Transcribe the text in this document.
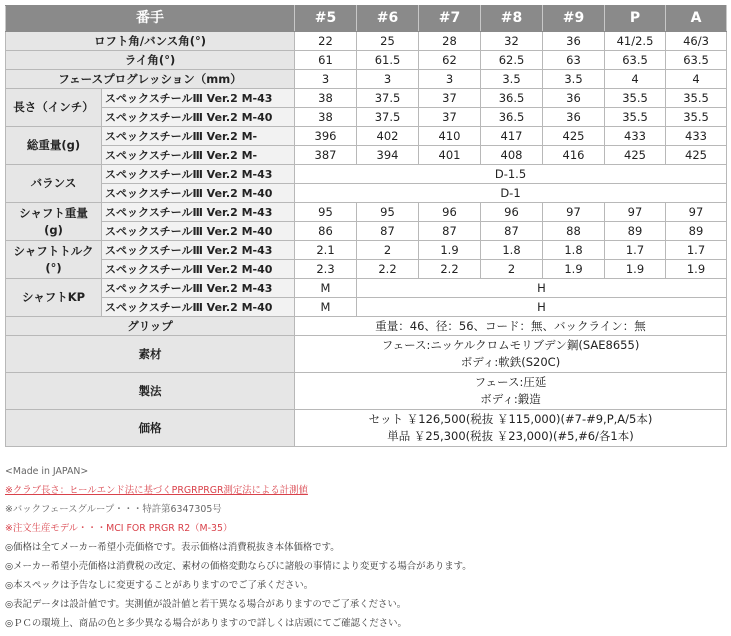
番手		#5	#6	#7	#8	#9	P	A
ロフト角/バンス角(°)		22	25	28	32	36	41/2.5	46/3
ライ角(°)		61	61.5	62	62.5	63	63.5	63.5
フェースプログレッション（mm）		3	3	3	3.5	3.5	4	4
長さ（インチ）	スペックスチールⅢ Ver.2 M-43	38	37.5	37	36.5	36	35.5	35.5
	スペックスチールⅢ Ver.2 M-40	38	37.5	37	36.5	36	35.5	35.5
総重量(g)	スペックスチールⅢ Ver.2 M-	396	402	410	417	425	433	433
	スペックスチールⅢ Ver.2 M-	387	394	401	408	416	425	425
バランス	スペックスチールⅢ Ver.2 M-43	D-1.5						
	スペックスチールⅢ Ver.2 M-40	D-1						
シャフト重量
(g)	スペックスチールⅢ Ver.2 M-43	95	95	96	96	97	97	97
	スペックスチールⅢ Ver.2 M-40	86	87	87	87	88	89	89
シャフトトルク
(°)	スペックスチールⅢ Ver.2 M-43	2.1	2	1.9	1.8	1.8	1.7	1.7
	スペックスチールⅢ Ver.2 M-40	2.3	2.2	2.2	2	1.9	1.9	1.9
シャフトKP	スペックスチールⅢ Ver.2 M-43	M	H					
	スペックスチールⅢ Ver.2 M-40	M	H					
グリップ		重量：46、径：56、コード：無、バックライン：無						
素材		フェース:ニッケルクロムモリブデン鋼(SAE8655)
ボディ:軟鉄(S20C)						
製法		フェース:圧延
ボディ:鍛造						
価格		セット ￥126,500(税抜 ￥115,000)(#7-#9,P,A/5本)
単品 ￥25,300(税抜 ￥23,000)(#5,#6/各1本)						
<Made in JAPAN>
※クラブ長さ：ヒールエンド法に基づくPRGRPRGR測定法による計測値
※バックフェースグループ・・・特許第6347305号
※注文生産モデル・・・MCI FOR PRGR R2（M-35）
◎価格は全てメーカー希望小売価格です。表示価格は消費税抜き本体価格です。
◎メーカー希望小売価格は消費税の改定、素材の価格変動ならびに諸般の事情により変更する場合があります。
◎本スペックは予告なしに変更することがありますのでご了承ください。
◎表記データは設計値です。実測値が設計値と若干異なる場合がありますのでご了承ください。
◎ＰＣの環境上、商品の色と多少異なる場合がありますので詳しくは店頭にてご確認ください。
